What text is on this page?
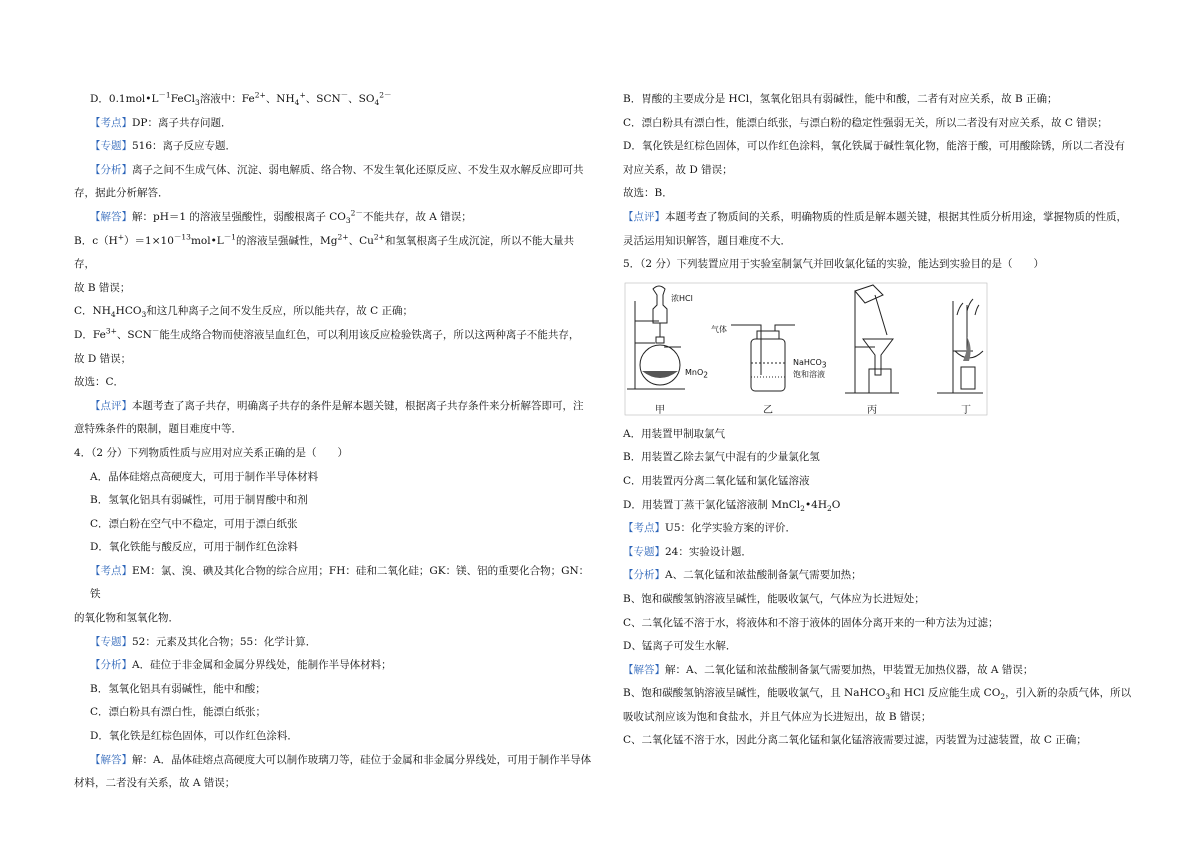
D．$0.1mol•L^{-1}FeCl_3$溶液中：$Fe^{2+}$、$NH_4^+$、SCN－、$SO_4^{2-}$
【考点】DP：离子共存问题．
【专题】516：离子反应专题．
【分析】离子之间不生成气体、沉淀、弱电解质、络合物、不发生氧化还原反应、不发生双水解反应即可共
存，据此分析解答．
【解答】解：pH＝1 的溶液呈强酸性，弱酸根离子 $CO_3^{2-}$不能共存，故 A 错误；
B．$c(H^+)=1\times 10^{-13}mol•L^{-1}$的溶液呈强碱性，$Mg^{2+}$、$Cu^{2+}$和氢氧根离子生成沉淀，所以不能大量共存，
故 B 错误；
C．$NH_4HCO_3$和这几种离子之间不发生反应，所以能共存，故 C 正确；
D．$Fe^{3+}$、SCN－能生成络合物而使溶液呈血红色，可以利用该反应检验铁离子，所以这两种离子不能共存，
故 D 错误；
故选：C．
【点评】本题考查了离子共存，明确离子共存的条件是解本题关键，根据离子共存条件来分析解答即可，注
意特殊条件的限制，题目难度中等．
4．（2 分）下列物质性质与应用对应关系正确的是（　　）
A．晶体硅熔点高硬度大，可用于制作半导体材料
B．氢氧化铝具有弱碱性，可用于制胃酸中和剂
C．漂白粉在空气中不稳定，可用于漂白纸张
D．氧化铁能与酸反应，可用于制作红色涂料
【考点】EM：氯、溴、碘及其化合物的综合应用；FH：硅和二氧化硅；GK：镁、铝的重要化合物；GN：铁
的氧化物和氢氧化物．
【专题】52：元素及其化合物；55：化学计算．
【分析】A．硅位于非金属和金属分界线处，能制作半导体材料；
B．氢氧化铝具有弱碱性，能中和酸；
C．漂白粉具有漂白性，能漂白纸张；
D．氧化铁是红棕色固体，可以作红色涂料．
【解答】解：A．晶体硅熔点高硬度大可以制作玻璃刀等，硅位于金属和非金属分界线处，可用于制作半导体
材料，二者没有关系，故 A 错误；
B．胃酸的主要成分是 HCl，氢氧化铝具有弱碱性，能中和酸，二者有对应关系，故 B 正确；
C．漂白粉具有漂白性，能漂白纸张，与漂白粉的稳定性强弱无关，所以二者没有对应关系，故 C 错误；
D．氧化铁是红棕色固体，可以作红色涂料，氧化铁属于碱性氧化物，能溶于酸，可用酸除锈，所以二者没有
对应关系，故 D 错误；
故选：B．
【点评】本题考查了物质间的关系，明确物质的性质是解本题关键，根据其性质分析用途，掌握物质的性质，
灵活运用知识解答，题目难度不大．
5．（2 分）下列装置应用于实验室制氯气并回收氯化锰的实验，能达到实验目的是（　　）
浓HCl
MnO$_2$
气体
NaHCO$_3$
饱和溶液
甲	乙	丙	丁
A．用装置甲制取氯气
B．用装置乙除去氯气中混有的少量氯化氢
C．用装置丙分离二氧化锰和氯化锰溶液
D．用装置丁蒸干氯化锰溶液制 $MnCl_2•4H_2O$
【考点】U5：化学实验方案的评价．
【专题】24：实验设计题．
【分析】A、二氧化锰和浓盐酸制备氯气需要加热；
B、饱和碳酸氢钠溶液呈碱性，能吸收氯气，气体应为长进短处；
C、二氧化锰不溶于水，将液体和不溶于液体的固体分离开来的一种方法为过滤；
D、锰离子可发生水解．
【解答】解：A、二氧化锰和浓盐酸制备氯气需要加热，甲装置无加热仪器，故 A 错误；
B、饱和碳酸氢钠溶液呈碱性，能吸收氯气，且 NaHCO$_3$和 HCl 反应能生成 $CO_2$，引入新的杂质气体，所以
吸收试剂应该为饱和食盐水，并且气体应为长进短出，故 B 错误；
C、二氧化锰不溶于水，因此分离二氧化锰和氯化锰溶液需要过滤，丙装置为过滤装置，故 C 正确；
